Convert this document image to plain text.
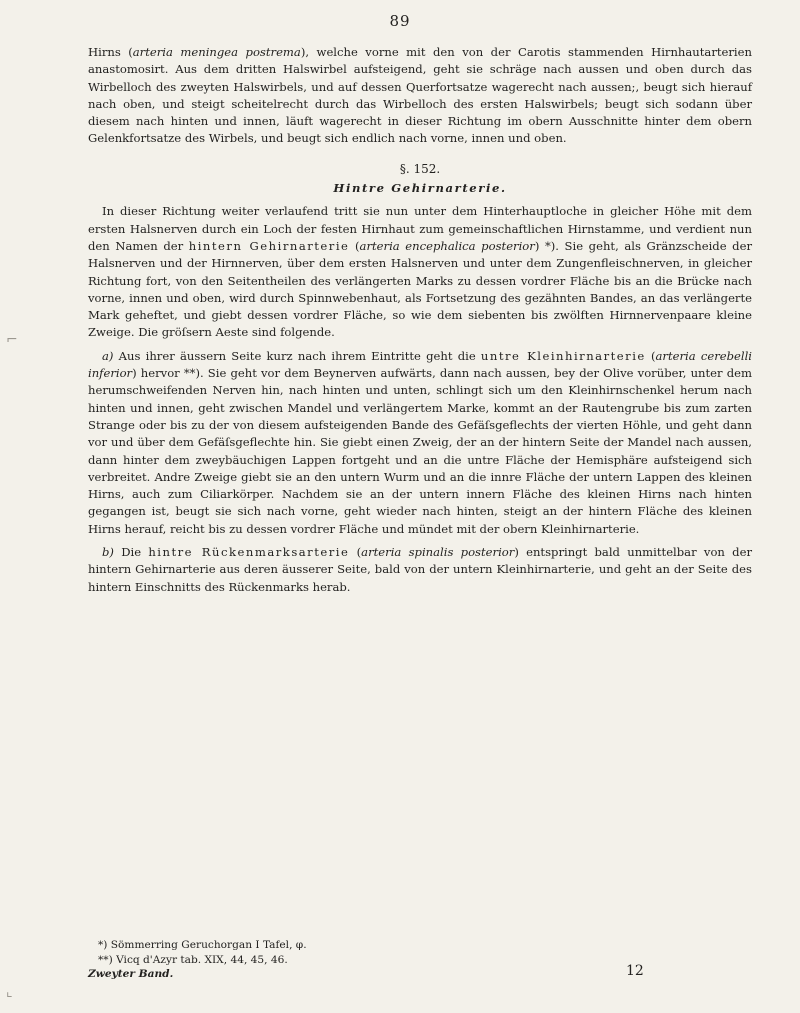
89

Hirns (arteria meningea postrema), welche vorne mit den von der Carotis stammenden Hirnhautarterien anastomosirt. Aus dem dritten Halswirbel aufsteigend, geht sie schräge nach aussen und oben durch das Wirbelloch des zweyten Halswirbels, und auf dessen Querfortsatze wagerecht nach aussen;, beugt sich hierauf nach oben, und steigt scheitelrecht durch das Wirbelloch des ersten Halswirbels; beugt sich sodann über diesem nach hinten und innen, läuft wagerecht in dieser Richtung im obern Ausschnitte hinter dem obern Gelenkfortsatze des Wirbels, und beugt sich endlich nach vorne, innen und oben.

§. 152.
Hintre Gehirnarterie.

In dieser Richtung weiter verlaufend tritt sie nun unter dem Hinterhauptloche in gleicher Höhe mit dem ersten Halsnerven durch ein Loch der festen Hirnhaut zum gemeinschaftlichen Hirnstamme, und verdient nun den Namen der hintern Gehirnarterie (arteria encephalica posterior) *). Sie geht, als Gränzscheide der Halsnerven und der Hirnnerven, über dem ersten Halsnerven und unter dem Zungenfleischnerven, in gleicher Richtung fort, von den Seitentheilen des verlängerten Marks zu dessen vordrer Fläche bis an die Brücke nach vorne, innen und oben, wird durch Spinnwebenhaut, als Fortsetzung des gezähnten Bandes, an das verlängerte Mark geheftet, und giebt dessen vordrer Fläche, so wie dem siebenten bis zwölften Hirnnervenpaare kleine Zweige. Die gröſsern Aeste sind folgende.

a) Aus ihrer äussern Seite kurz nach ihrem Eintritte geht die untre Kleinhirnarterie (arteria cerebelli inferior) hervor **). Sie geht vor dem Beynerven aufwärts, dann nach aussen, bey der Olive vorüber, unter dem herumschweifenden Nerven hin, nach hinten und unten, schlingt sich um den Kleinhirnschenkel herum nach hinten und innen, geht zwischen Mandel und verlängertem Marke, kommt an der Rautengrube bis zum zarten Strange oder bis zu der von diesem aufsteigenden Bande des Gefäſsgeflechts der vierten Höhle, und geht dann vor und über dem Gefäſsgeflechte hin. Sie giebt einen Zweig, der an der hintern Seite der Mandel nach aussen, dann hinter dem zweybäuchigen Lappen fortgeht und an die untre Fläche der Hemisphäre aufsteigend sich verbreitet. Andre Zweige giebt sie an den untern Wurm und an die innre Fläche der untern Lappen des kleinen Hirns, auch zum Ciliarkörper. Nachdem sie an der untern innern Fläche des kleinen Hirns nach hinten gegangen ist, beugt sie sich nach vorne, geht wieder nach hinten, steigt an der hintern Fläche des kleinen Hirns herauf, reicht bis zu dessen vordrer Fläche und mündet mit der obern Kleinhirnarterie.

b) Die hintre Rückenmarksarterie (arteria spinalis posterior) entspringt bald unmittelbar von der hintern Gehirnarterie aus deren äusserer Seite, bald von der untern Kleinhirnarterie, und geht an der Seite des hintern Einschnitts des Rückenmarks herab.

*) Sömmerring Geruchorgan I Tafel, φ.
**) Vicq d'Azyr tab. XIX, 44, 45, 46.
Zweyter Band.	12
⌐
⌞
